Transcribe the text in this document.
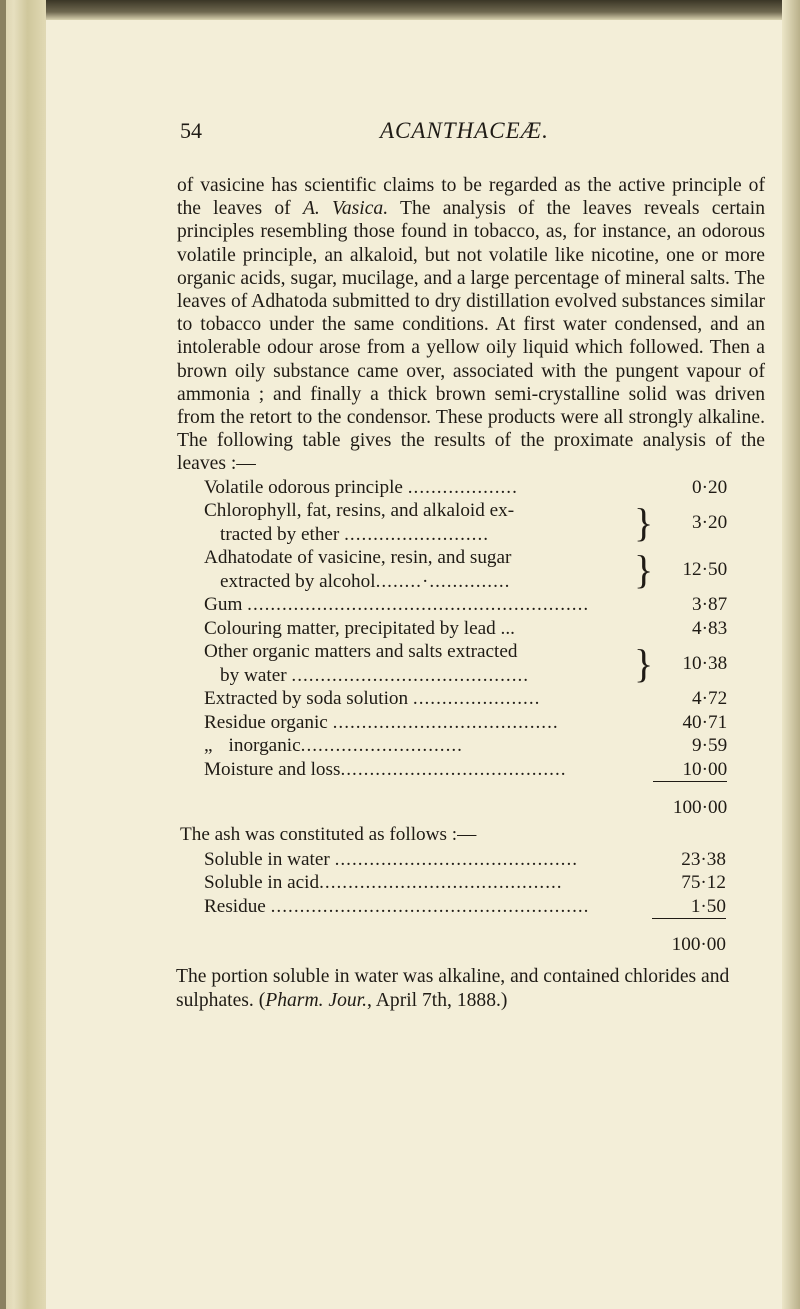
54	ACANTHACEÆ.

of vasicine has scientific claims to be regarded as the active principle of the leaves of A. Vasica. The analysis of the leaves reveals certain principles resembling those found in tobacco, as, for instance, an odorous volatile principle, an alkaloid, but not volatile like nicotine, one or more organic acids, sugar, mucilage, and a large percentage of mineral salts. The leaves of Adhatoda submitted to dry distillation evolved substances similar to tobacco under the same conditions. At first water condensed, and an intolerable odour arose from a yellow oily liquid which followed. Then a brown oily substance came over, associated with the pungent vapour of ammonia ; and finally a thick brown semi-crystalline solid was driven from the retort to the condensor. These products were all strongly alkaline. The following table gives the results of the proximate analysis of the leaves :—

Volatile odorous principle ...................		0·20
Chlorophyll, fat, resins, and alkaloid ex-
tracted by ether .........................	}	3·20
Adhatodate of vasicine, resin, and sugar
extracted by alcohol........·..............	}	12·50
Gum ...........................................................		3·87
Colouring matter, precipitated by lead ...		4·83
Other organic matters and salts extracted
by water .........................................	}	10·38
Extracted by soda solution ......................		4·72
Residue organic .......................................		40·71
„ inorganic............................		9·59
Moisture and loss.......................................		10·00
		100·00
The ash was constituted as follows :—
Soluble in water ..........................................		23·38
Soluble in acid..........................................		75·12
Residue .......................................................		1·50
		100·00

The portion soluble in water was alkaline, and contained chlorides and sulphates. (Pharm. Jour., April 7th, 1888.)
